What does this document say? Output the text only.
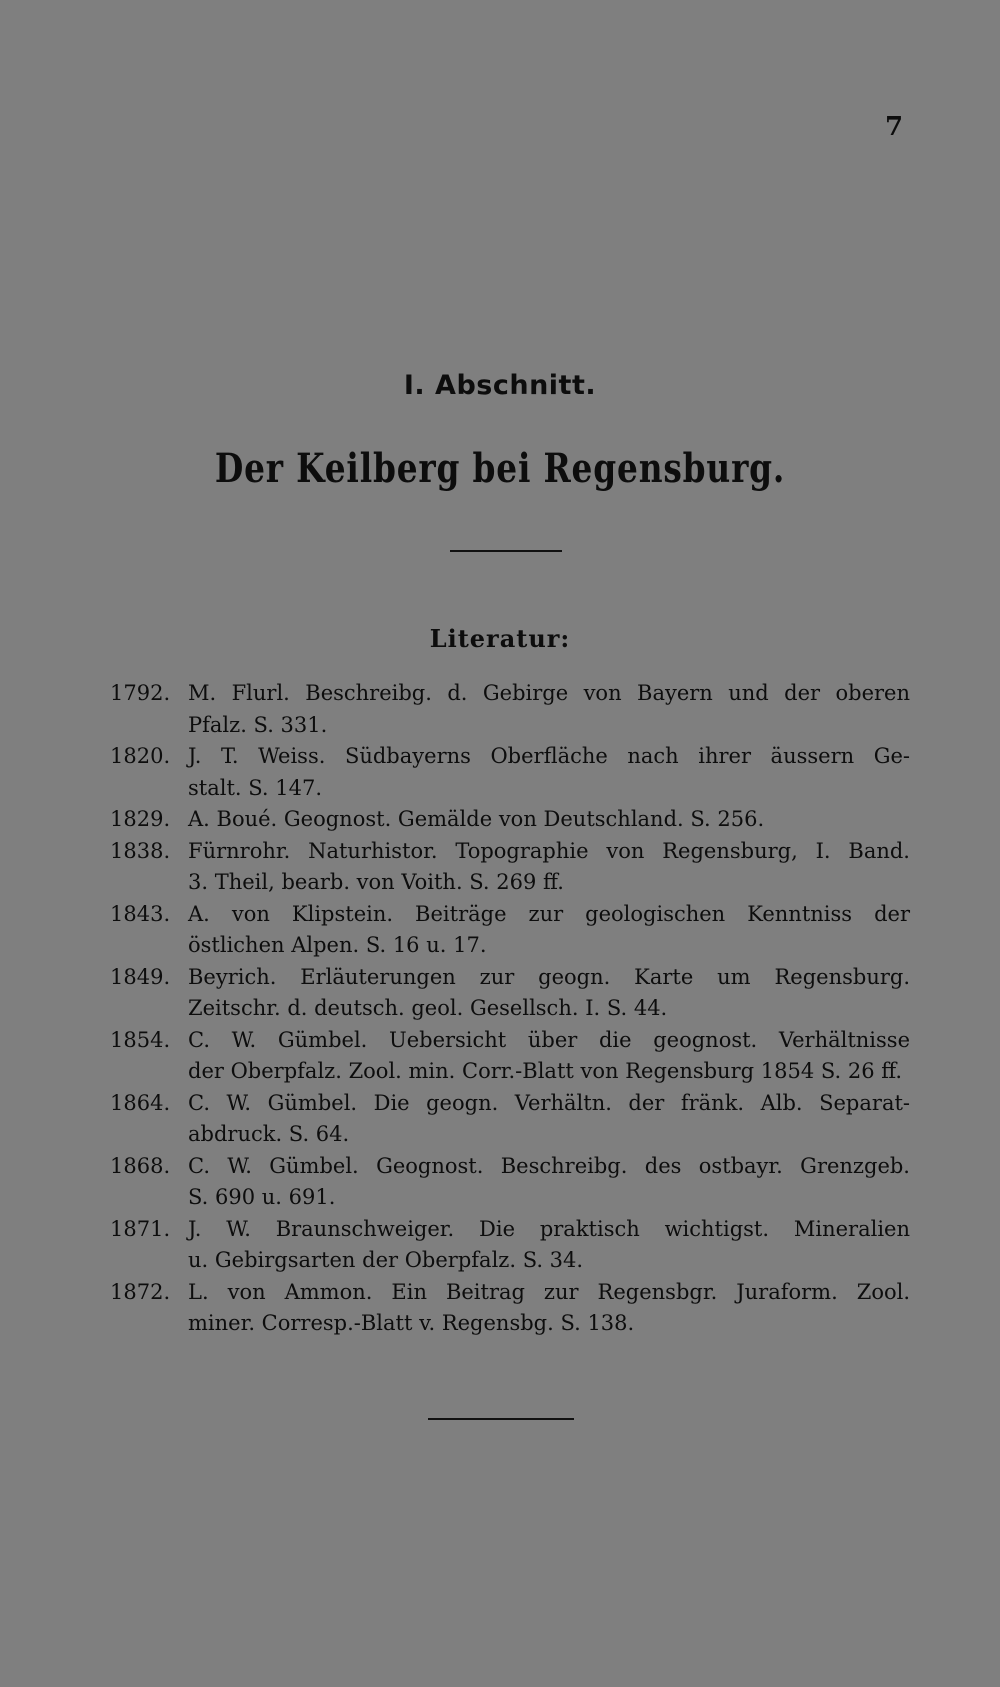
7
I. Abschnitt.
Der Keilberg bei Regensburg.
Literatur:
1792. M. Flurl. Beschreibg. d. Gebirge von Bayern und der oberen
Pfalz. S. 331.
1820. J. T. Weiss. Südbayerns Oberfläche nach ihrer äussern Ge-
stalt. S. 147.
1829. A. Boué. Geognost. Gemälde von Deutschland. S. 256.
1838. Fürnrohr. Naturhistor. Topographie von Regensburg, I. Band.
3. Theil, bearb. von Voith. S. 269 ff.
1843. A. von Klipstein. Beiträge zur geologischen Kenntniss der
östlichen Alpen. S. 16 u. 17.
1849. Beyrich. Erläuterungen zur geogn. Karte um Regensburg.
Zeitschr. d. deutsch. geol. Gesellsch. I. S. 44.
1854. C. W. Gümbel. Uebersicht über die geognost. Verhältnisse
der Oberpfalz. Zool. min. Corr.-Blatt von Regensburg 1854 S. 26 ff.
1864. C. W. Gümbel. Die geogn. Verhältn. der fränk. Alb. Separat-
abdruck. S. 64.
1868. C. W. Gümbel. Geognost. Beschreibg. des ostbayr. Grenzgeb.
S. 690 u. 691.
1871. J. W. Braunschweiger. Die praktisch wichtigst. Mineralien
u. Gebirgsarten der Oberpfalz. S. 34.
1872. L. von Ammon. Ein Beitrag zur Regensbgr. Juraform. Zool.
miner. Corresp.-Blatt v. Regensbg. S. 138.
